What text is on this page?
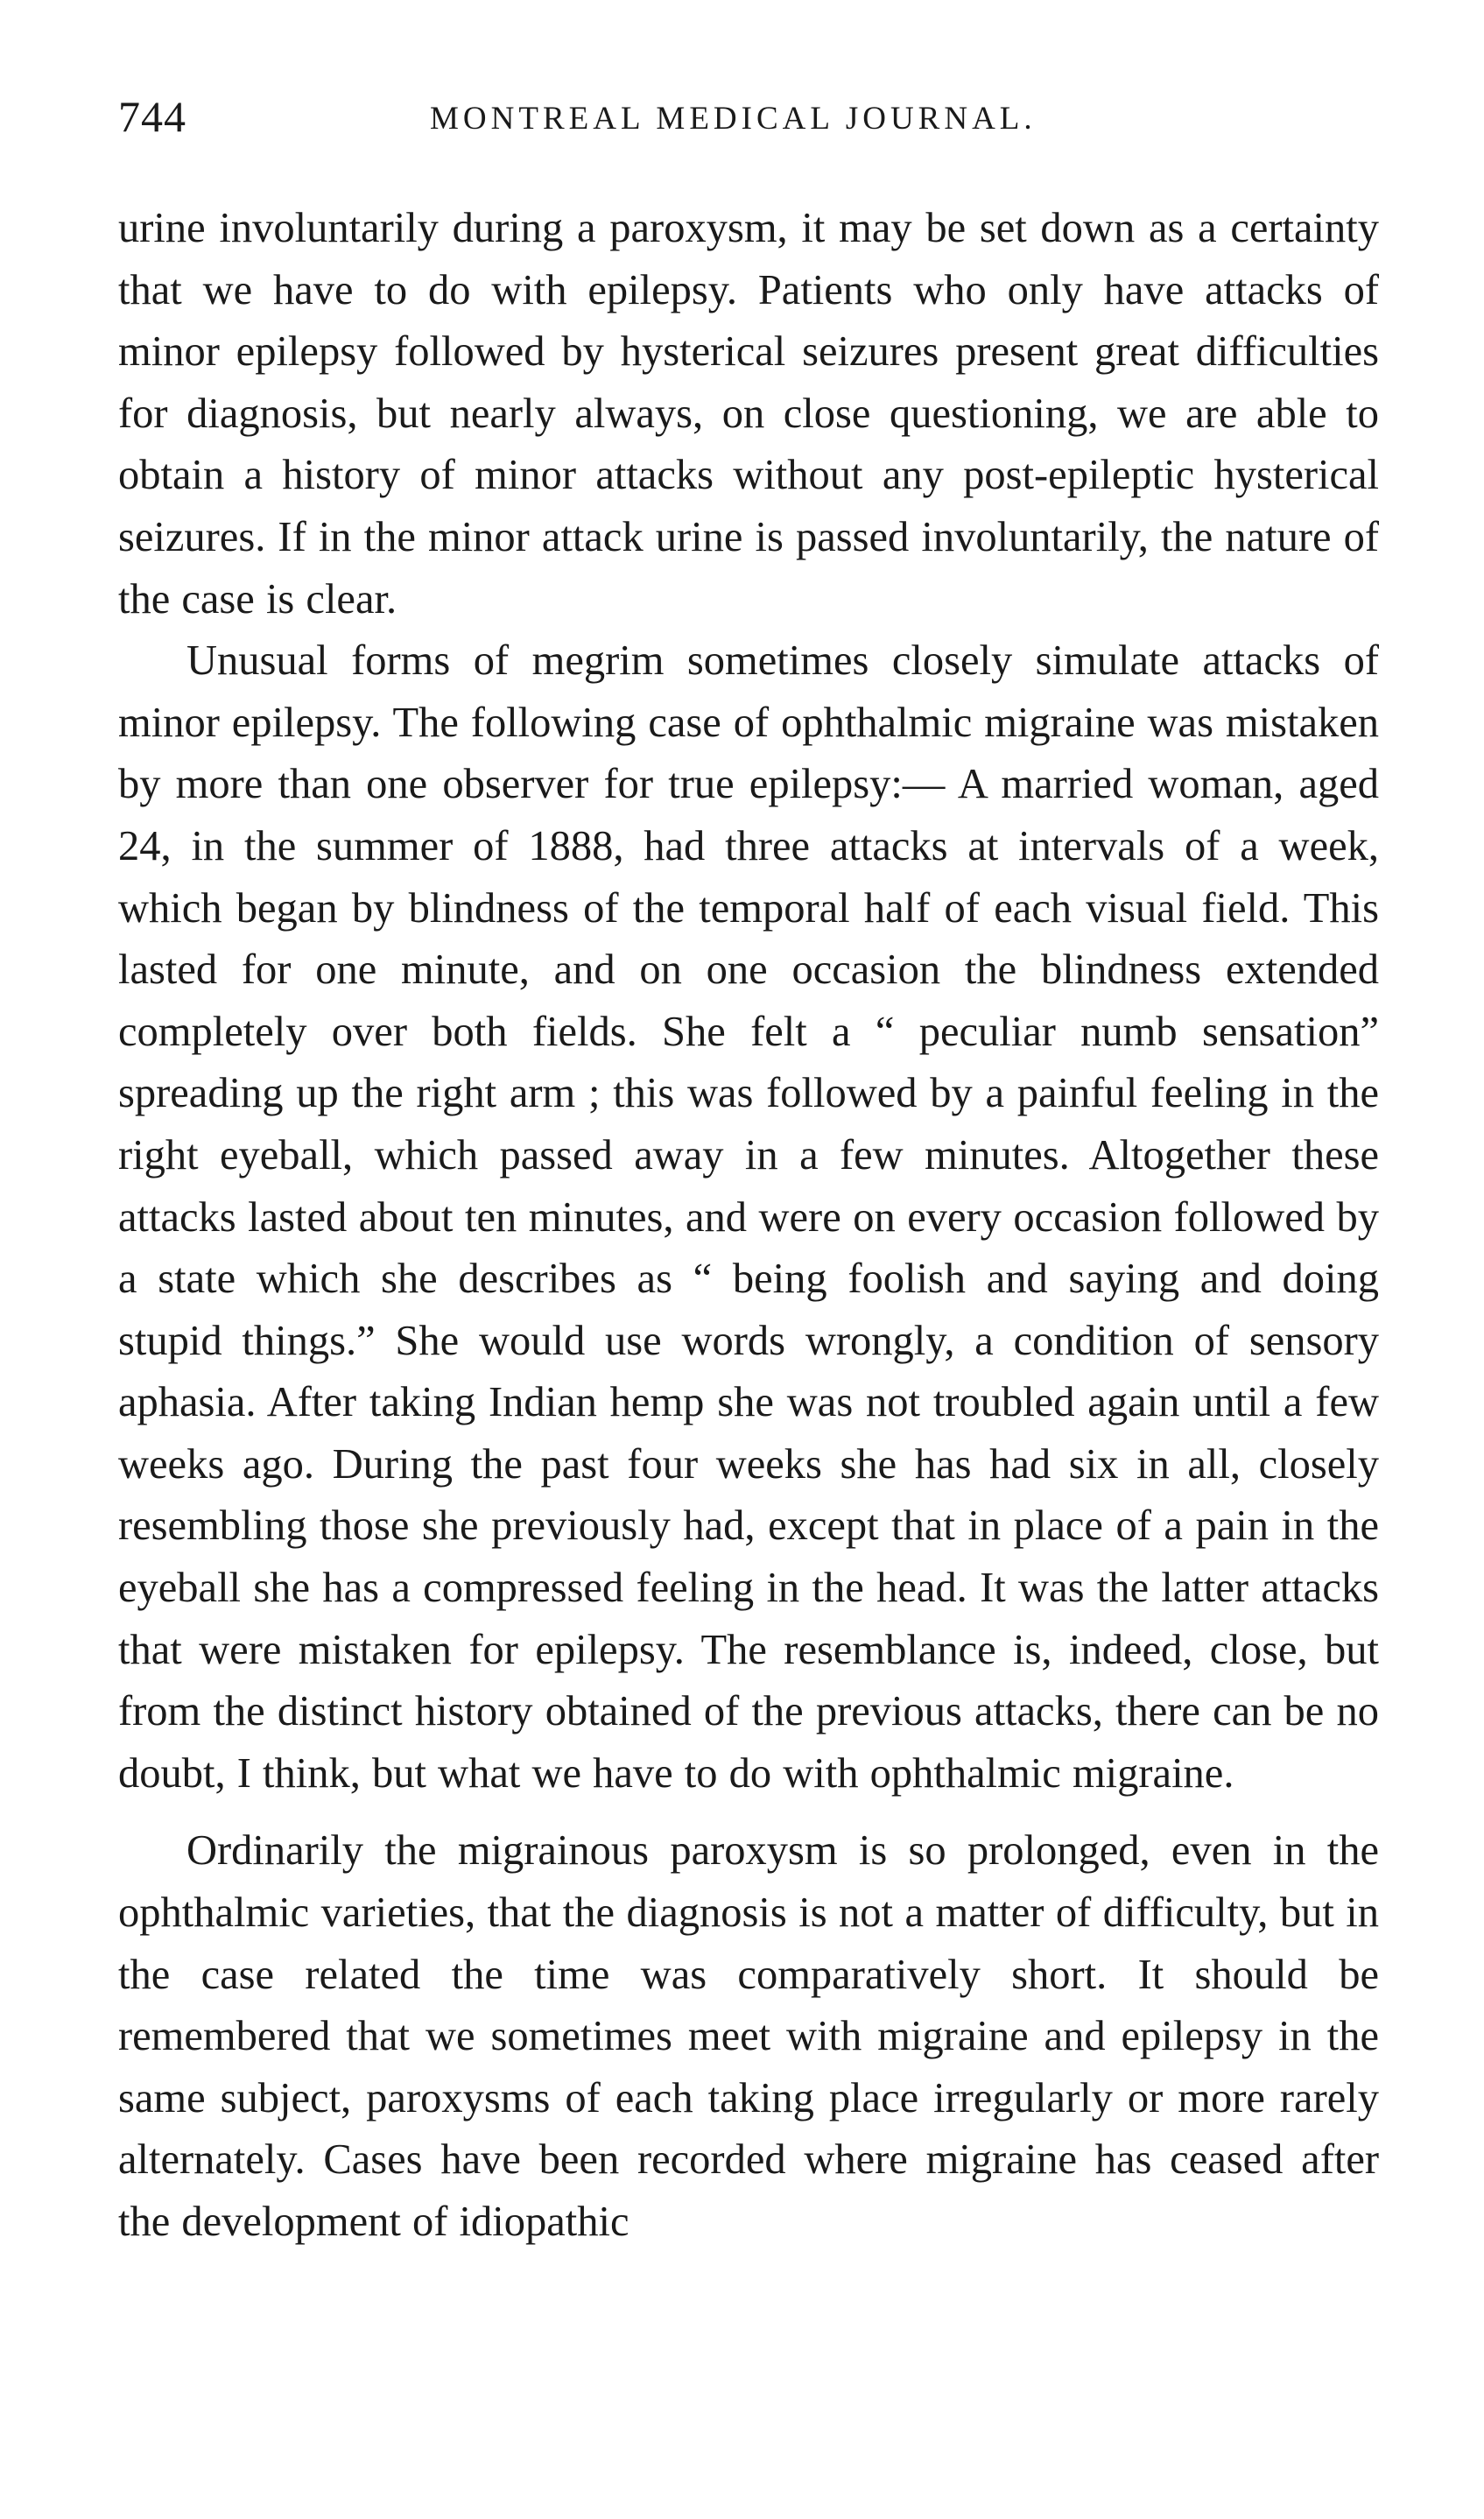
744	MONTREAL MEDICAL JOURNAL.

urine involuntarily during a paroxysm, it may be set down as a certainty that we have to do with epilepsy. Patients who only have attacks of minor epilepsy followed by hysterical seizures present great difficulties for diagnosis, but nearly always, on close questioning, we are able to obtain a history of minor attacks without any post-epileptic hysterical seizures. If in the minor attack urine is passed involuntarily, the nature of the case is clear.

Unusual forms of megrim sometimes closely simulate attacks of minor epilepsy. The following case of ophthalmic migraine was mistaken by more than one observer for true epilepsy:— A married woman, aged 24, in the summer of 1888, had three attacks at intervals of a week, which began by blindness of the temporal half of each visual field. This lasted for one minute, and on one occasion the blindness extended completely over both fields. She felt a “ peculiar numb sensation” spreading up the right arm ; this was followed by a painful feeling in the right eyeball, which passed away in a few minutes. Altogether these attacks lasted about ten minutes, and were on every occasion followed by a state which she describes as “ being foolish and saying and doing stupid things.” She would use words wrongly, a condition of sensory aphasia. After taking Indian hemp she was not troubled again until a few weeks ago. During the past four weeks she has had six in all, closely resembling those she previously had, except that in place of a pain in the eyeball she has a compressed feeling in the head. It was the latter attacks that were mistaken for epilepsy. The resemblance is, indeed, close, but from the distinct history obtained of the previous attacks, there can be no doubt, I think, but what we have to do with ophthalmic migraine.

Ordinarily the migrainous paroxysm is so prolonged, even in the ophthalmic varieties, that the diagnosis is not a matter of difficulty, but in the case related the time was comparatively short. It should be remembered that we sometimes meet with migraine and epilepsy in the same subject, paroxysms of each taking place irregularly or more rarely alternately. Cases have been recorded where migraine has ceased after the development of idiopathic
